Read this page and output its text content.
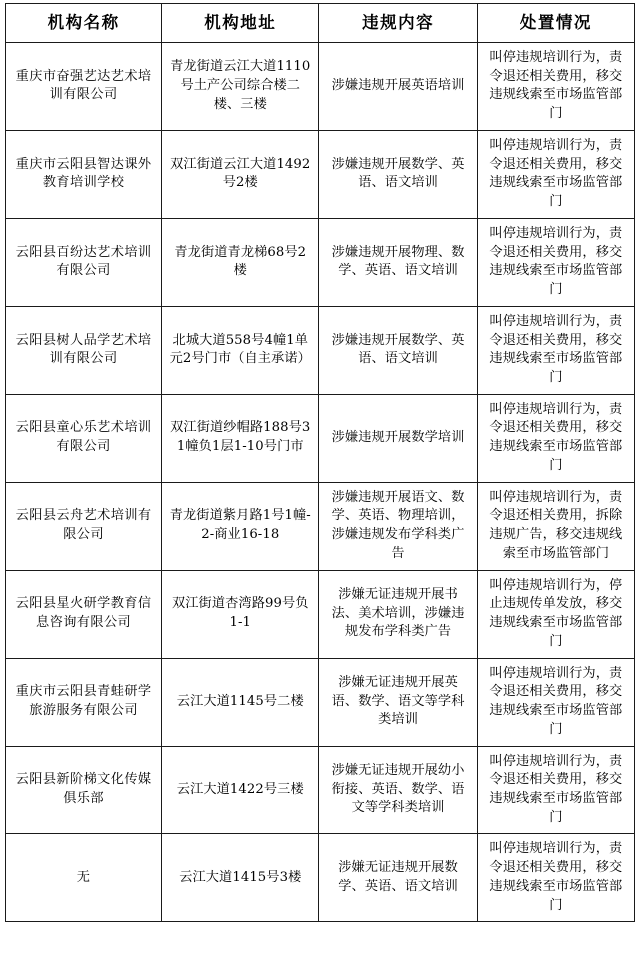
机构名称	机构地址	违规内容	处置情况
重庆市奋强艺达艺术培训有限公司	青龙街道云江大道1110号土产公司综合楼二楼、三楼	涉嫌违规开展英语培训	叫停违规培训行为，责令退还相关费用，移交违规线索至市场监管部门
重庆市云阳县智达课外教育培训学校	双江街道云江大道1492号2楼	涉嫌违规开展数学、英语、语文培训	叫停违规培训行为，责令退还相关费用，移交违规线索至市场监管部门
云阳县百纷达艺术培训有限公司	青龙街道青龙梯68号2楼	涉嫌违规开展物理、数学、英语、语文培训	叫停违规培训行为，责令退还相关费用，移交违规线索至市场监管部门
云阳县树人品学艺术培训有限公司	北城大道558号4幢1单元2号门市（自主承诺）	涉嫌违规开展数学、英语、语文培训	叫停违规培训行为，责令退还相关费用，移交违规线索至市场监管部门
云阳县童心乐艺术培训有限公司	双江街道纱帽路188号31幢负1层1-10号门市	涉嫌违规开展数学培训	叫停违规培训行为，责令退还相关费用，移交违规线索至市场监管部门
云阳县云舟艺术培训有限公司	青龙街道紫月路1号1幢-2-商业16-18	涉嫌违规开展语文、数学、英语、物理培训，涉嫌违规发布学科类广告	叫停违规培训行为，责令退还相关费用，拆除违规广告，移交违规线索至市场监管部门
云阳县星火研学教育信息咨询有限公司	双江街道杏湾路99号负1-1	涉嫌无证违规开展书法、美术培训，涉嫌违规发布学科类广告	叫停违规培训行为，停止违规传单发放，移交违规线索至市场监管部门
重庆市云阳县青蛙研学旅游服务有限公司	云江大道1145号二楼	涉嫌无证违规开展英语、数学、语文等学科类培训	叫停违规培训行为，责令退还相关费用，移交违规线索至市场监管部门
云阳县新阶梯文化传媒俱乐部	云江大道1422号三楼	涉嫌无证违规开展幼小衔接、英语、数学、语文等学科类培训	叫停违规培训行为，责令退还相关费用，移交违规线索至市场监管部门
无	云江大道1415号3楼	涉嫌无证违规开展数学、英语、语文培训	叫停违规培训行为，责令退还相关费用，移交违规线索至市场监管部门
